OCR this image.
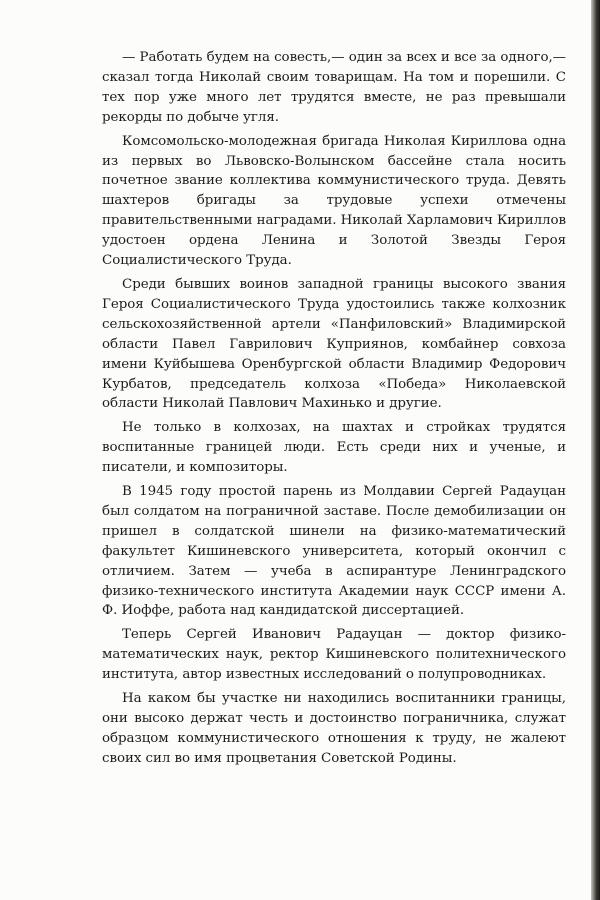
— Работать будем на совесть,— один за всех и все за одного,— сказал тогда Николай своим товарищам. На том и порешили. С тех пор уже много лет трудятся вместе, не раз превышали рекорды по добыче угля.

Комсомольско-молодежная бригада Николая Кириллова одна из первых во Львовско-Волынском бассейне стала носить почетное звание коллектива коммунистического труда. Девять шахтеров бригады за трудовые успехи отмечены правительственными наградами. Николай Харламович Кириллов удостоен ордена Ленина и Золотой Звезды Героя Социалистического Труда.

Среди бывших воинов западной границы высокого звания Героя Социалистического Труда удостоились также колхозник сельскохозяйственной артели «Панфиловский» Владимирской области Павел Гаврилович Куприянов, комбайнер совхоза имени Куйбышева Оренбургской области Владимир Федорович Курбатов, председатель колхоза «Победа» Николаевской области Николай Павлович Махинько и другие.

Не только в колхозах, на шахтах и стройках трудятся воспитанные границей люди. Есть среди них и ученые, и писатели, и композиторы.

В 1945 году простой парень из Молдавии Сергей Радауцан был солдатом на пограничной заставе. После демобилизации он пришел в солдатской шинели на физико-математический факультет Кишиневского университета, который окончил с отличием. Затем — учеба в аспирантуре Ленинградского физико-технического института Академии наук СССР имени А. Ф. Иоффе, работа над кандидатской диссертацией.

Теперь Сергей Иванович Радауцан — доктор физико-математических наук, ректор Кишиневского политехнического института, автор известных исследований о полупроводниках.

На каком бы участке ни находились воспитанники границы, они высоко держат честь и достоинство пограничника, служат образцом коммунистического отношения к труду, не жалеют своих сил во имя процветания Советской Родины.
